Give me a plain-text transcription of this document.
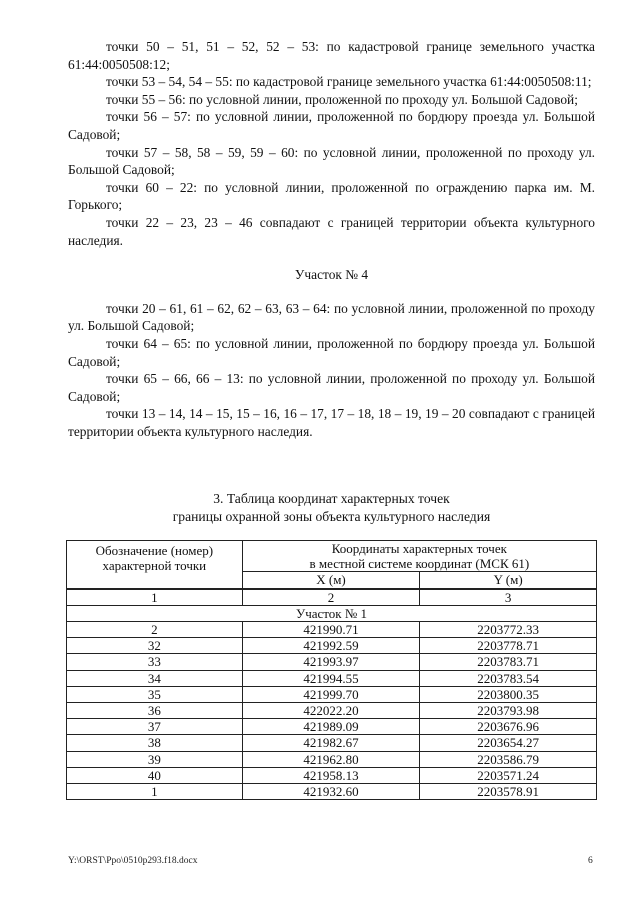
точки 50 – 51, 51 – 52, 52 – 53: по кадастровой границе земельного участка 61:44:0050508:12;

точки 53 – 54, 54 – 55: по кадастровой границе земельного участка 61:44:0050508:11;

точки 55 – 56: по условной линии, проложенной по проходу ул. Большой Садовой;

точки 56 – 57: по условной линии, проложенной по бордюру проезда ул. Большой Садовой;

точки 57 – 58, 58 – 59, 59 – 60: по условной линии, проложенной по проходу ул. Большой Садовой;

точки 60 – 22: по условной линии, проложенной по ограждению парка им. М. Горького;

точки 22 – 23, 23 – 46 совпадают с границей территории объекта культурного наследия.

Участок № 4

точки 20 – 61, 61 – 62, 62 – 63, 63 – 64: по условной линии, проложенной по проходу ул. Большой Садовой;

точки 64 – 65: по условной линии, проложенной по бордюру проезда ул. Большой Садовой;

точки 65 – 66, 66 – 13: по условной линии, проложенной по проходу ул. Большой Садовой;

точки 13 – 14, 14 – 15, 15 – 16, 16 – 17, 17 – 18, 18 – 19, 19 – 20 совпадают с границей территории объекта культурного наследия.

3. Таблица координат характерных точек
границы охранной зоны объекта культурного наследия
Обозначение (номер) характерной точки	Координаты характерных точек	
	в местной системе координат (МСК 61)	
	X (м)	Y (м)
1	2	3
Участок № 1		
2	421990.71	2203772.33
32	421992.59	2203778.71
33	421993.97	2203783.71
34	421994.55	2203783.54
35	421999.70	2203800.35
36	422022.20	2203793.98
37	421989.09	2203676.96
38	421982.67	2203654.27
39	421962.80	2203586.79
40	421958.13	2203571.24
1	421932.60	2203578.91
Y:\ORST\Ppo\0510p293.f18.docx	6
